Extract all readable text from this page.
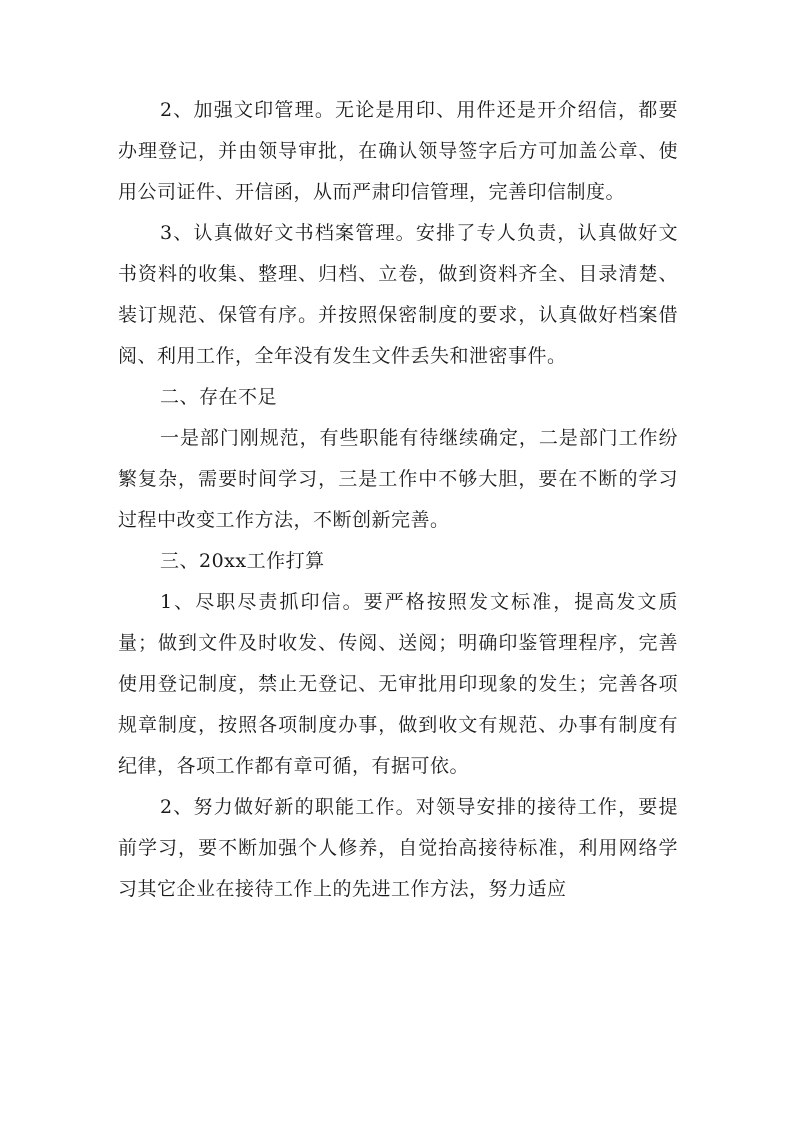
2、加强文印管理。无论是用印、用件还是开介绍信，都要办理登记，并由领导审批，在确认领导签字后方可加盖公章、使用公司证件、开信函，从而严肃印信管理，完善印信制度。

3、认真做好文书档案管理。安排了专人负责，认真做好文书资料的收集、整理、归档、立卷，做到资料齐全、目录清楚、装订规范、保管有序。并按照保密制度的要求，认真做好档案借阅、利用工作，全年没有发生文件丢失和泄密事件。

二、存在不足

一是部门刚规范，有些职能有待继续确定，二是部门工作纷繁复杂，需要时间学习，三是工作中不够大胆，要在不断的学习过程中改变工作方法，不断创新完善。

三、20xx工作打算

1、尽职尽责抓印信。要严格按照发文标准，提高发文质量；做到文件及时收发、传阅、送阅；明确印鉴管理程序，完善使用登记制度，禁止无登记、无审批用印现象的发生；完善各项规章制度，按照各项制度办事，做到收文有规范、办事有制度有纪律，各项工作都有章可循，有据可依。

2、努力做好新的职能工作。对领导安排的接待工作，要提前学习，要不断加强个人修养，自觉抬高接待标准，利用网络学习其它企业在接待工作上的先进工作方法，努力适应
